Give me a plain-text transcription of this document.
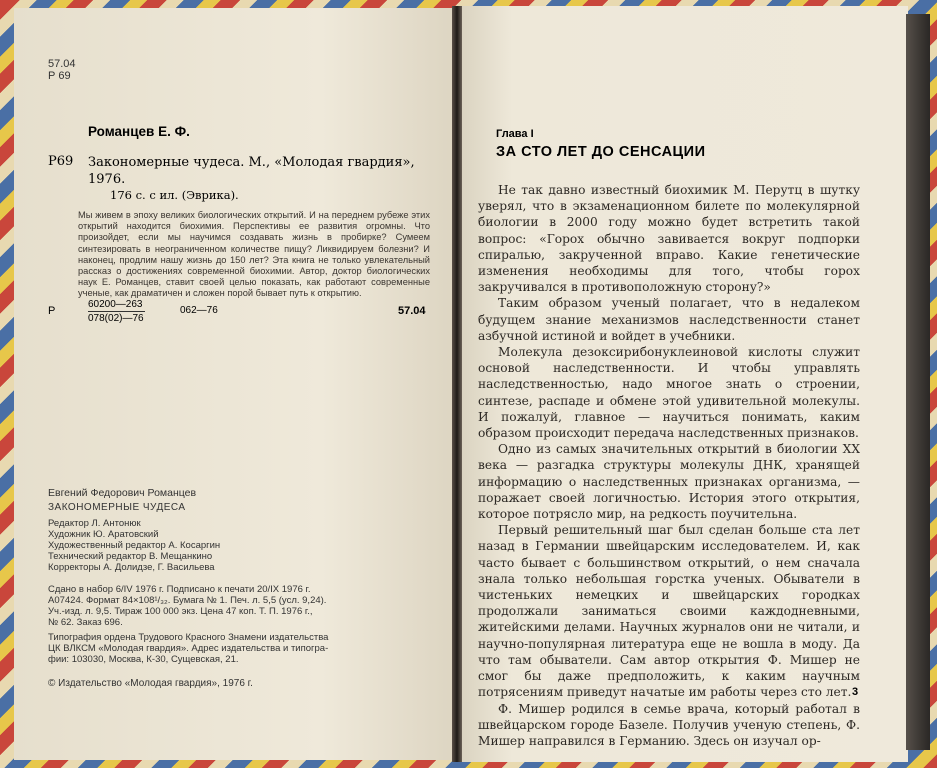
57.04
Р 69
Романцев Е. Ф.
Р69 Закономерные чудеса. М., «Молодая гвардия», 1976.
176 с. с ил. (Эврика).
Мы живем в эпоху великих биологических открытий. И на переднем рубеже этих открытий находится биохимия. Перспективы ее развития огромны. Что произойдет, если мы научимся создавать жизнь в пробирке? Сумеем синтезировать в неограниченном количестве пищу? Ликвидируем болезни? И наконец, продлим нашу жизнь до 150 лет? Эта книга не только увлекательный рассказ о достижениях современной биохимии. Автор, доктор биологических наук Е. Романцев, ставит своей целью показать, как работают современные ученые, как драматичен и сложен порой бывает путь к открытию.
Р	$\frac{60200—263}{078(02)—76}$	062—76	57.04
Евгений Федорович Романцев
ЗАКОНОМЕРНЫЕ ЧУДЕСА
Редактор Л. Антонюк
Художник Ю. Аратовский
Художественный редактор А. Косаргин
Технический редактор В. Мещанкино
Корректоры А. Долидзе, Г. Васильева
Сдано в набор 6/IV 1976 г. Подписано к печати 20/IX 1976 г.
А07424. Формат 84×108¹/₃₂. Бумага № 1. Печ. л. 5,5 (усл. 9,24).
Уч.-изд. л. 9,5. Тираж 100 000 экз. Цена 47 коп. Т. П. 1976 г.,
№ 62. Заказ 696.
Типография ордена Трудового Красного Знамени издательства
ЦК ВЛКСМ «Молодая гвардия». Адрес издательства и типогра-
фии: 103030, Москва, К-30, Сущевская, 21.
© Издательство «Молодая гвардия», 1976 г.
Глава I
ЗА СТО ЛЕТ ДО СЕНСАЦИИ

Не так давно известный биохимик М. Перутц в шутку уверял, что в экзаменационном билете по молекулярной биологии в 2000 году можно будет встретить такой вопрос: «Горох обычно завивается вокруг подпорки спиралью, закрученной вправо. Какие генетические изменения необходимы для того, чтобы горох закручивался в противоположную сторону?»

Таким образом ученый полагает, что в недалеком будущем знание механизмов наследственности станет азбучной истиной и войдет в учебники.

Молекула дезоксирибонуклеиновой кислоты служит основой наследственности. И чтобы управлять наследственностью, надо многое знать о строении, синтезе, распаде и обмене этой удивительной молекулы. И пожалуй, главное — научиться понимать, каким образом происходит передача наследственных признаков.

Одно из самых значительных открытий в биологии XX века — разгадка структуры молекулы ДНК, хранящей информацию о наследственных признаках организма, — поражает своей логичностью. История этого открытия, которое потрясло мир, на редкость поучительна.

Первый решительный шаг был сделан больше ста лет назад в Германии швейцарским исследователем. И, как часто бывает с большинством открытий, о нем сначала знала только небольшая горстка ученых. Обыватели в чистеньких немецких и швейцарских городках продолжали заниматься своими каждодневными, житейскими делами. Научных журналов они не читали, и научно-популярная литература еще не вошла в моду. Да что там обыватели. Сам автор открытия Ф. Мишер не смог бы даже предположить, к каким научным потрясениям приведут начатые им работы через сто лет.

Ф. Мишер родился в семье врача, который работал в швейцарском городе Базеле. Получив ученую степень, Ф. Мишер направился в Германию. Здесь он изучал ор-

3
